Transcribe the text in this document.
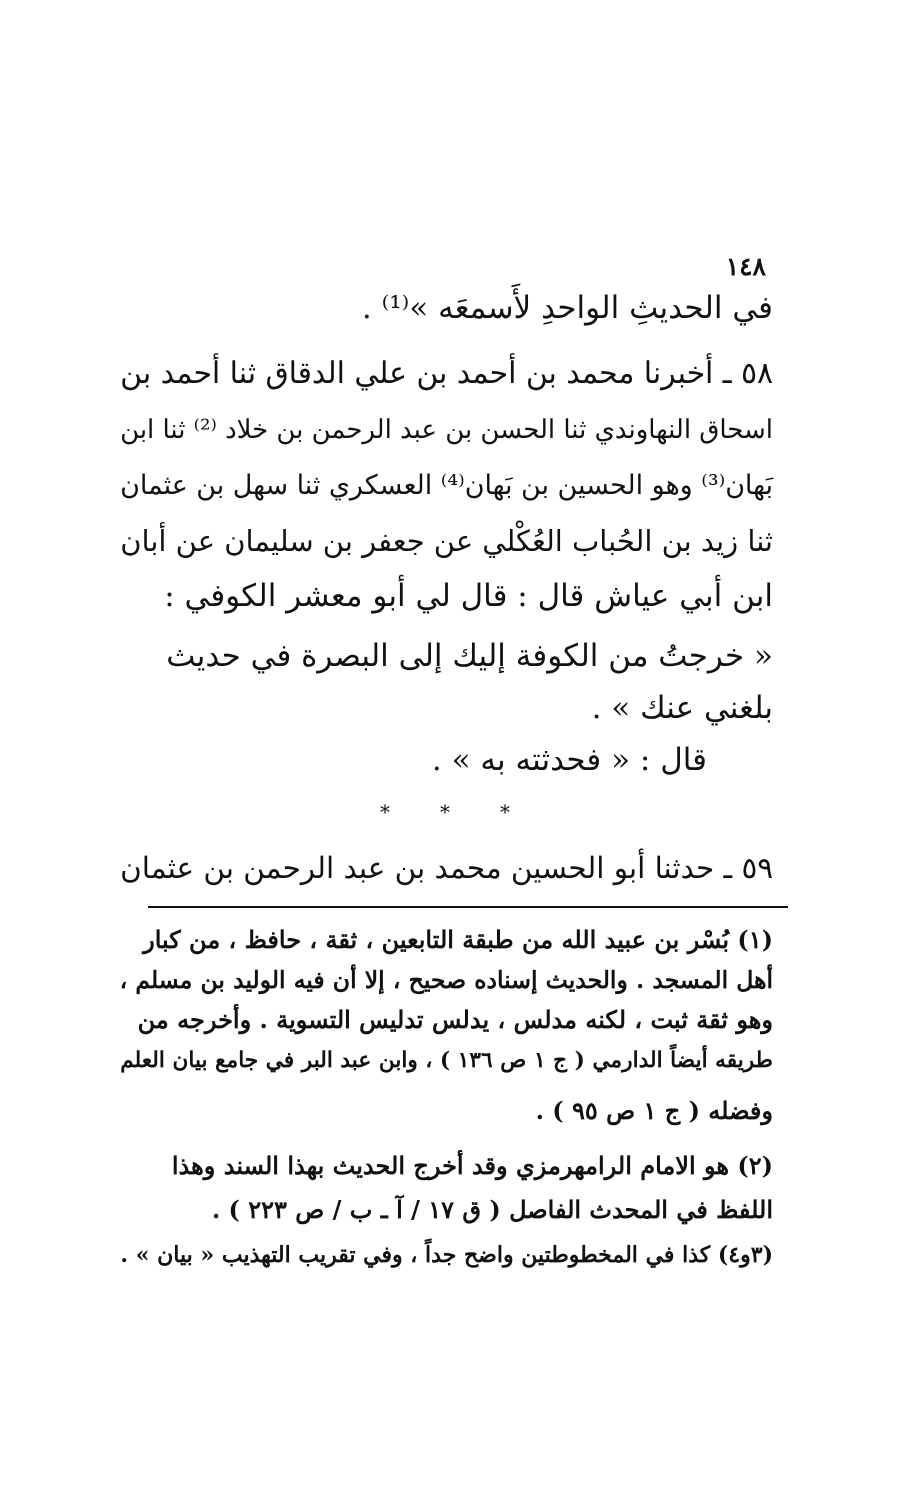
١٤٨
في الحديثِ الواحدِ لأَسمعَه »⁽¹⁾ .
٥٨ ـ أخبرنا محمد بن أحمد بن علي الدقاق ثنا أحمد بن
اسحاق النهاوندي ثنا الحسن بن عبد الرحمن بن خلاد ⁽²⁾ ثنا ابن
بَهان⁽³⁾ وهو الحسين بن بَهان⁽⁴⁾ العسكري ثنا سهل بن عثمان
ثنا زيد بن الحُباب العُكْلي عن جعفر بن سليمان عن أبان
ابن أبي عياش قال : قال لي أبو معشر الكوفي :
« خرجتُ من الكوفة إليك إلى البصرة في حديث
بلغني عنك » .
قال : « فحدثته به » .
*	*	*
٥٩ ـ حدثنا أبو الحسين محمد بن عبد الرحمن بن عثمان
(١) بُسْر بن عبيد الله من طبقة التابعين ، ثقة ، حافظ ، من كبار
أهل المسجد . والحديث إسناده صحيح ، إلا أن فيه الوليد بن مسلم ،
وهو ثقة ثبت ، لكنه مدلس ، يدلس تدليس التسوية . وأخرجه من
طريقه أيضاً الدارمي ( ج ١ ص ١٣٦ ) ، وابن عبد البر في جامع بيان العلم
وفضله ( ج ١ ص ٩٥ ) .
(٢) هو الامام الرامهرمزي وقد أخرج الحديث بهذا السند وهذا
اللفظ في المحدث الفاصل ( ق ١٧ / آ ـ ب / ص ٢٢٣ ) .
(٣و٤) كذا في المخطوطتين واضح جداً ، وفي تقريب التهذيب « بيان » .
